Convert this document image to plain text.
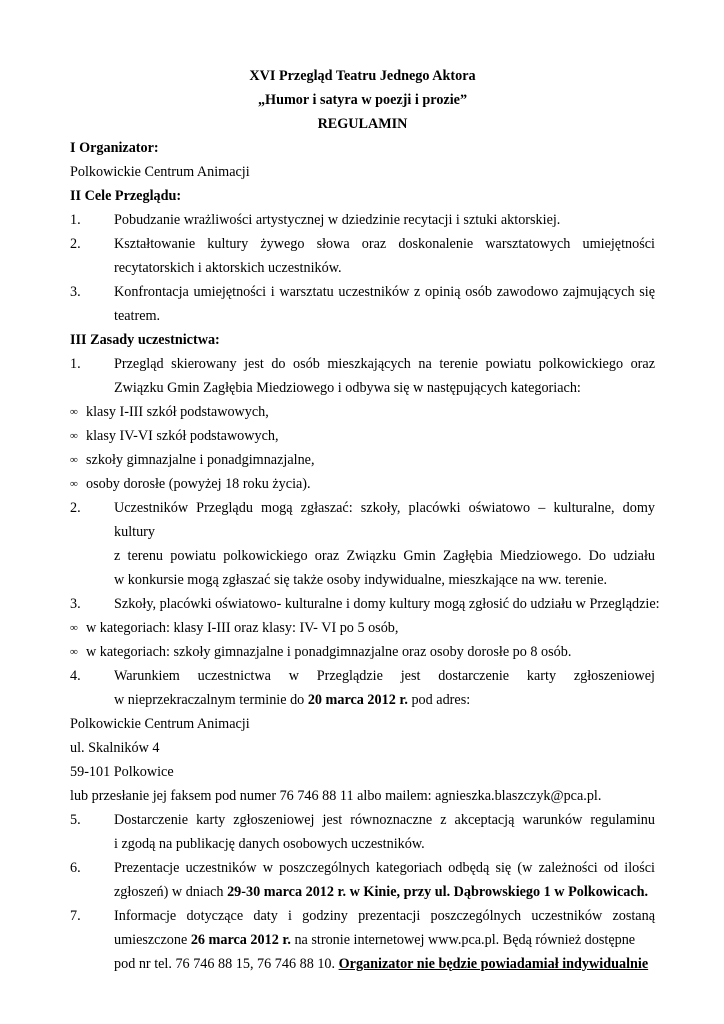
XVI Przegląd Teatru Jednego Aktora
„Humor i satyra w poezji i prozie”
REGULAMIN
I Organizator:
Polkowickie Centrum Animacji
II Cele Przeglądu:
1.	Pobudzanie wrażliwości artystycznej w dziedzinie recytacji i sztuki aktorskiej.
2.	Kształtowanie kultury żywego słowa oraz doskonalenie warsztatowych umiejętności
recytatorskich i aktorskich uczestników.
3.	Konfrontacja umiejętności i warsztatu uczestników z opinią osób zawodowo zajmujących się
teatrem.
III Zasady uczestnictwa:
1.	Przegląd skierowany jest do osób mieszkających na terenie powiatu polkowickiego oraz
Związku Gmin Zagłębia Miedziowego i odbywa się w następujących kategoriach:
∞ klasy I-III szkół podstawowych,
∞ klasy IV-VI szkół podstawowych,
∞ szkoły gimnazjalne i ponadgimnazjalne,
∞ osoby dorosłe (powyżej 18 roku życia).
2.	Uczestników Przeglądu mogą zgłaszać: szkoły, placówki oświatowo – kulturalne, domy kultury
z terenu powiatu polkowickiego oraz Związku Gmin Zagłębia Miedziowego. Do udziału
w konkursie mogą zgłaszać się także osoby indywidualne, mieszkające na ww. terenie.
3.	Szkoły, placówki oświatowo- kulturalne i domy kultury mogą zgłosić do udziału w Przeglądzie:
∞ w kategoriach: klasy I-III oraz klasy: IV- VI po 5 osób,
∞ w kategoriach: szkoły gimnazjalne i ponadgimnazjalne oraz osoby dorosłe po 8 osób.
4.	Warunkiem uczestnictwa w Przeglądzie jest dostarczenie karty zgłoszeniowej
w nieprzekraczalnym terminie do 20 marca 2012 r. pod adres:
Polkowickie Centrum Animacji
ul. Skalników 4
59-101 Polkowice
lub przesłanie jej faksem pod numer 76 746 88 11 albo mailem: agnieszka.blaszczyk@pca.pl.
5.	Dostarczenie karty zgłoszeniowej jest równoznaczne z akceptacją warunków regulaminu
i zgodą na publikację danych osobowych uczestników.
6.	Prezentacje uczestników w poszczególnych kategoriach odbędą się (w zależności od ilości
zgłoszeń) w dniach 29-30 marca 2012 r. w Kinie, przy ul. Dąbrowskiego 1 w Polkowicach.
7.	Informacje dotyczące daty i godziny prezentacji poszczególnych uczestników zostaną
umieszczone 26 marca 2012 r. na stronie internetowej www.pca.pl. Będą również dostępne
pod nr tel. 76 746 88 15, 76 746 88 10. Organizator nie będzie powiadamiał indywidualnie
